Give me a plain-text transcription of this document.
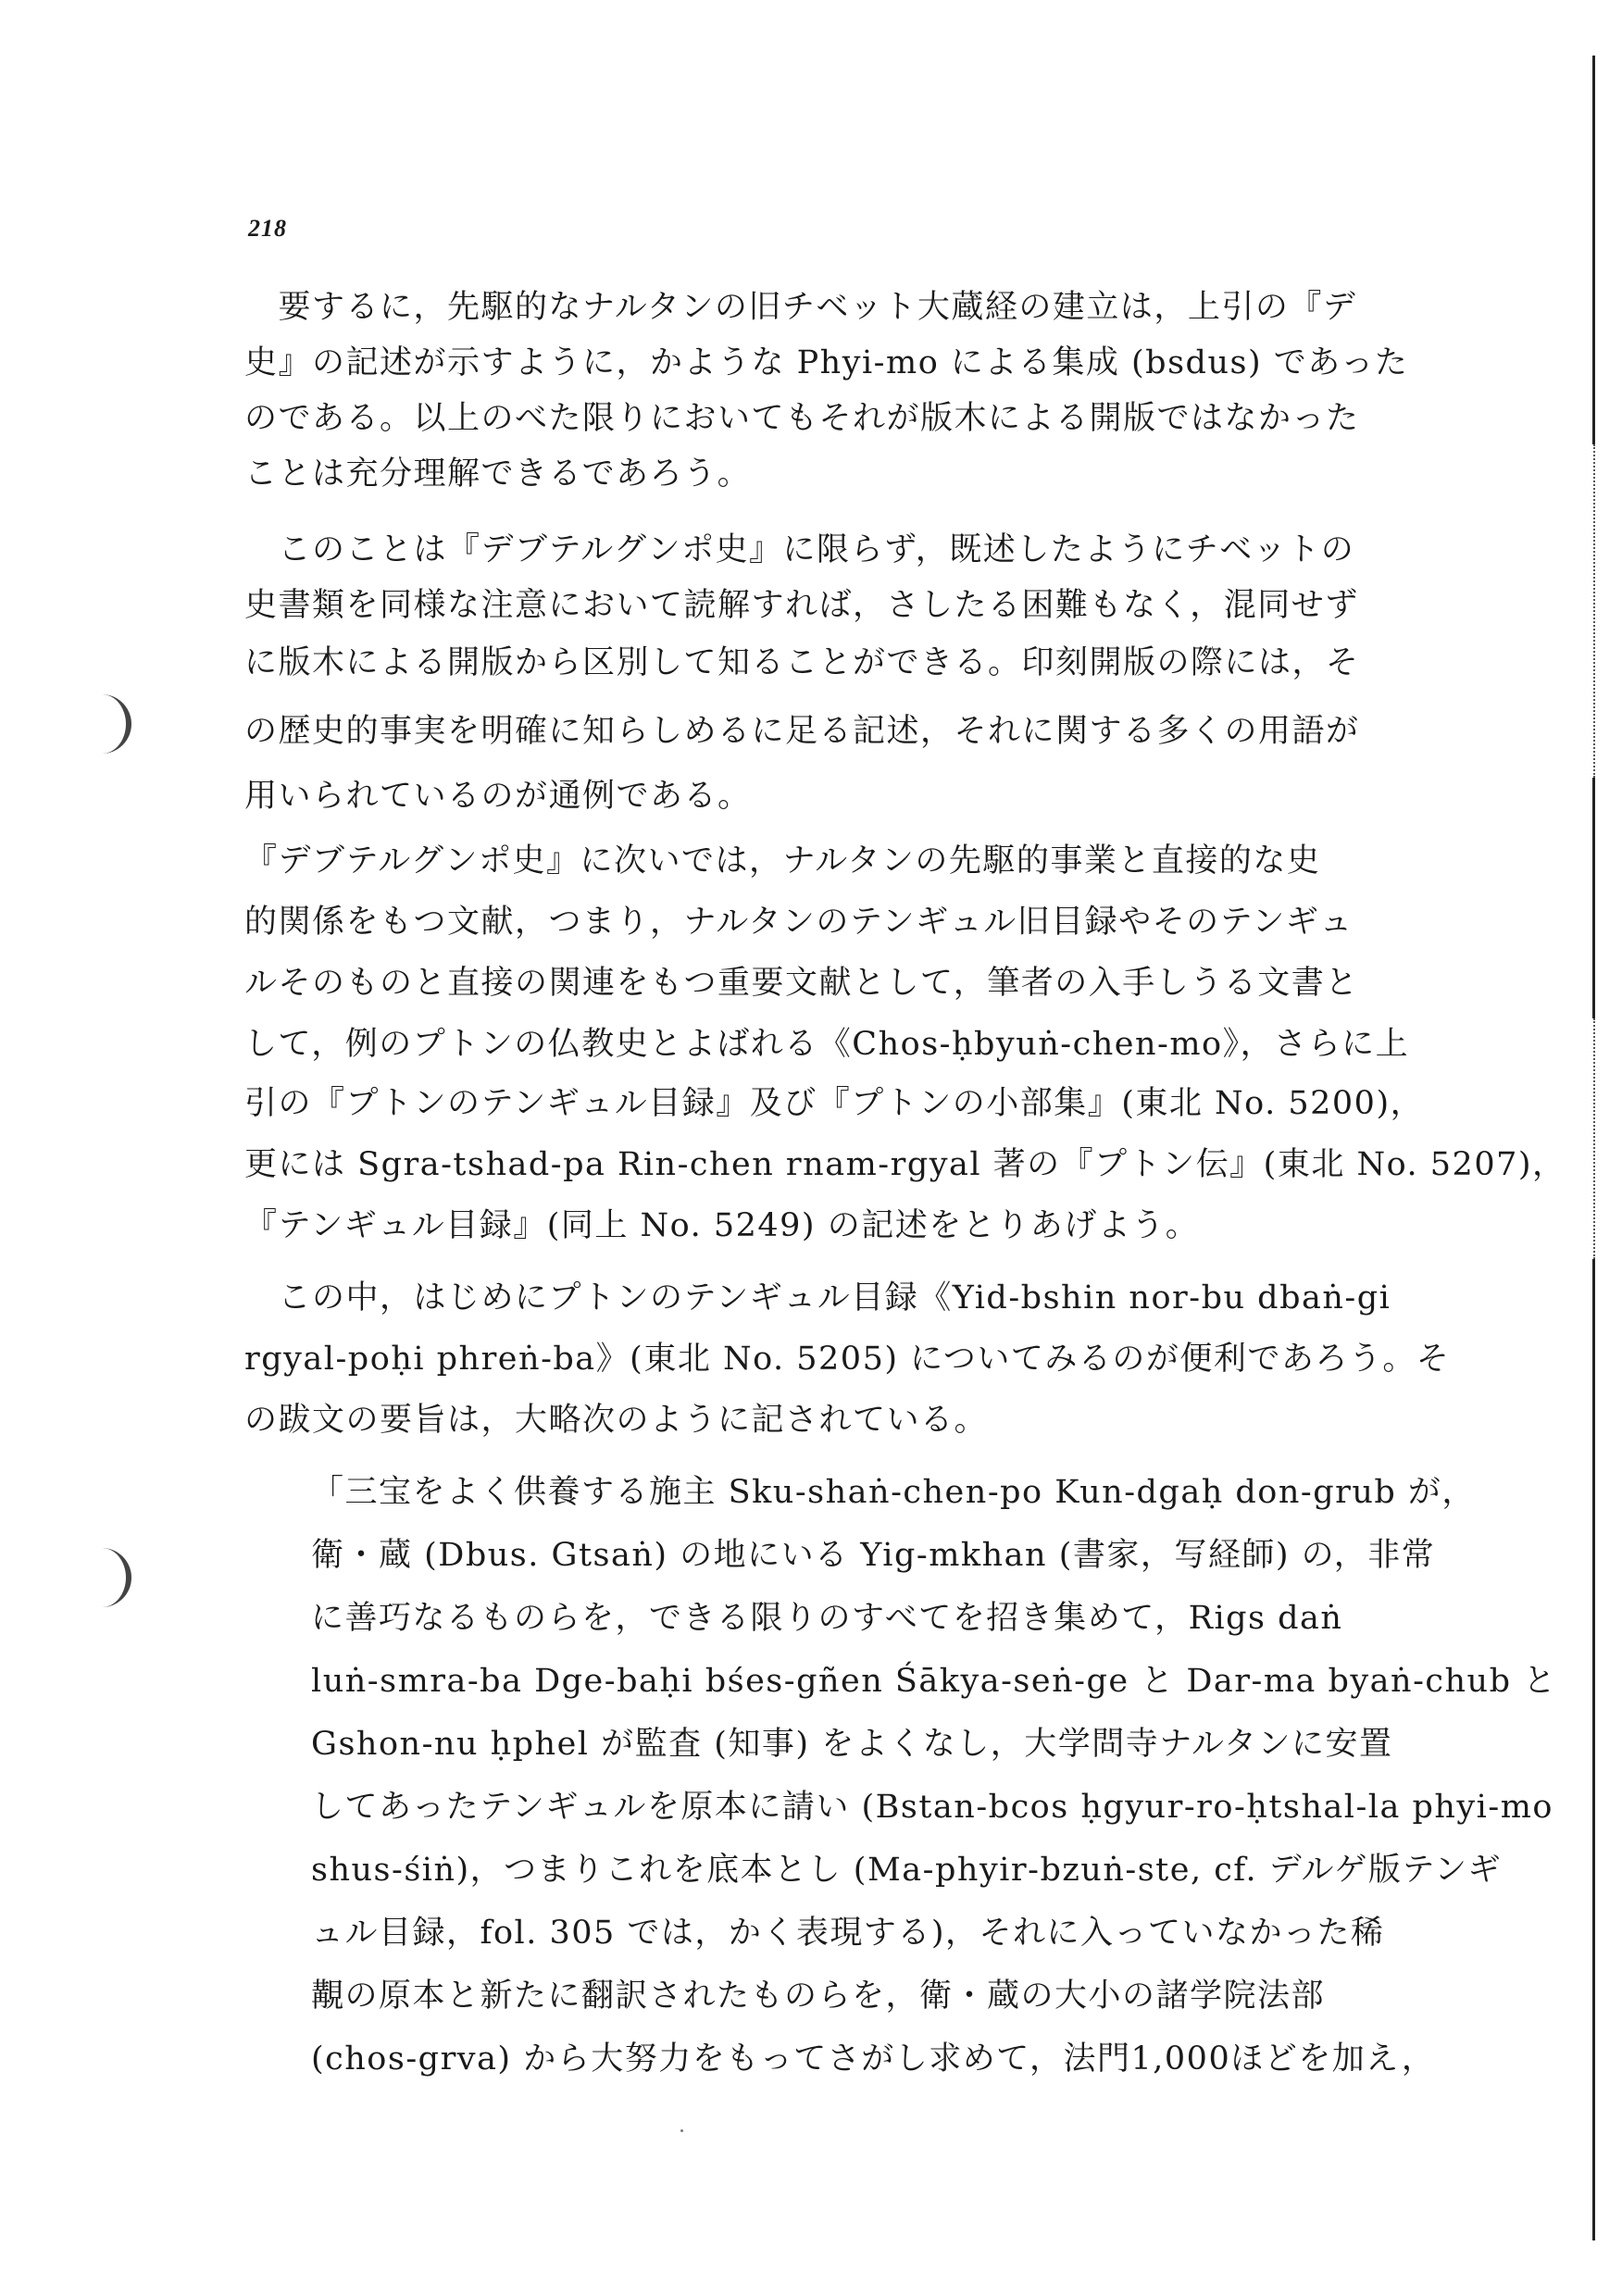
218
　要するに，先駆的なナルタンの旧チベット大蔵経の建立は，上引の『デ
史』の記述が示すように，かような Phyi-mo による集成 (bsdus) であった
のである。以上のべた限りにおいてもそれが版木による開版ではなかった
ことは充分理解できるであろう。
　このことは『デブテルグンポ史』に限らず，既述したようにチベットの
史書類を同様な注意において読解すれば，さしたる困難もなく，混同せず
に版木による開版から区別して知ることができる。印刻開版の際には，そ
の歴史的事実を明確に知らしめるに足る記述，それに関する多くの用語が
用いられているのが通例である。
『デブテルグンポ史』に次いでは，ナルタンの先駆的事業と直接的な史
的関係をもつ文献，つまり，ナルタンのテンギュル旧目録やそのテンギュ
ルそのものと直接の関連をもつ重要文献として，筆者の入手しうる文書と
して，例のプトンの仏教史とよばれる《Chos-ḥbyuṅ-chen-mo》，さらに上
引の『プトンのテンギュル目録』及び『プトンの小部集』(東北 No. 5200)，
更には Sgra-tshad-pa Rin-chen rnam-rgyal 著の『プトン伝』(東北 No. 5207)，
『テンギュル目録』(同上 No. 5249) の記述をとりあげよう。
　この中，はじめにプトンのテンギュル目録《Yid-bshin nor-bu dbaṅ-gi
rgyal-poḥi phreṅ-ba》(東北 No. 5205) についてみるのが便利であろう。そ
の跋文の要旨は，大略次のように記されている。
「三宝をよく供養する施主 Sku-shaṅ-chen-po Kun-dgaḥ don-grub が，
衛・蔵 (Dbus. Gtsaṅ) の地にいる Yig-mkhan (書家，写経師) の，非常
に善巧なるものらを，できる限りのすべてを招き集めて，Rigs daṅ
luṅ-smra-ba Dge-baḥi bśes-gñen Śākya-seṅ-ge と Dar-ma byaṅ-chub と
Gshon-nu ḥphel が監査 (知事) をよくなし，大学問寺ナルタンに安置
してあったテンギュルを原本に請い (Bstan-bcos ḥgyur-ro-ḥtshal-la phyi-mo
shus-śiṅ)，つまりこれを底本とし (Ma-phyir-bzuṅ-ste, cf. デルゲ版テンギ
ュル目録，fol. 305 では，かく表現する)，それに入っていなかった稀
覯の原本と新たに翻訳されたものらを，衛・蔵の大小の諸学院法部
(chos-grva) から大努力をもってさがし求めて，法門1,000ほどを加え，
